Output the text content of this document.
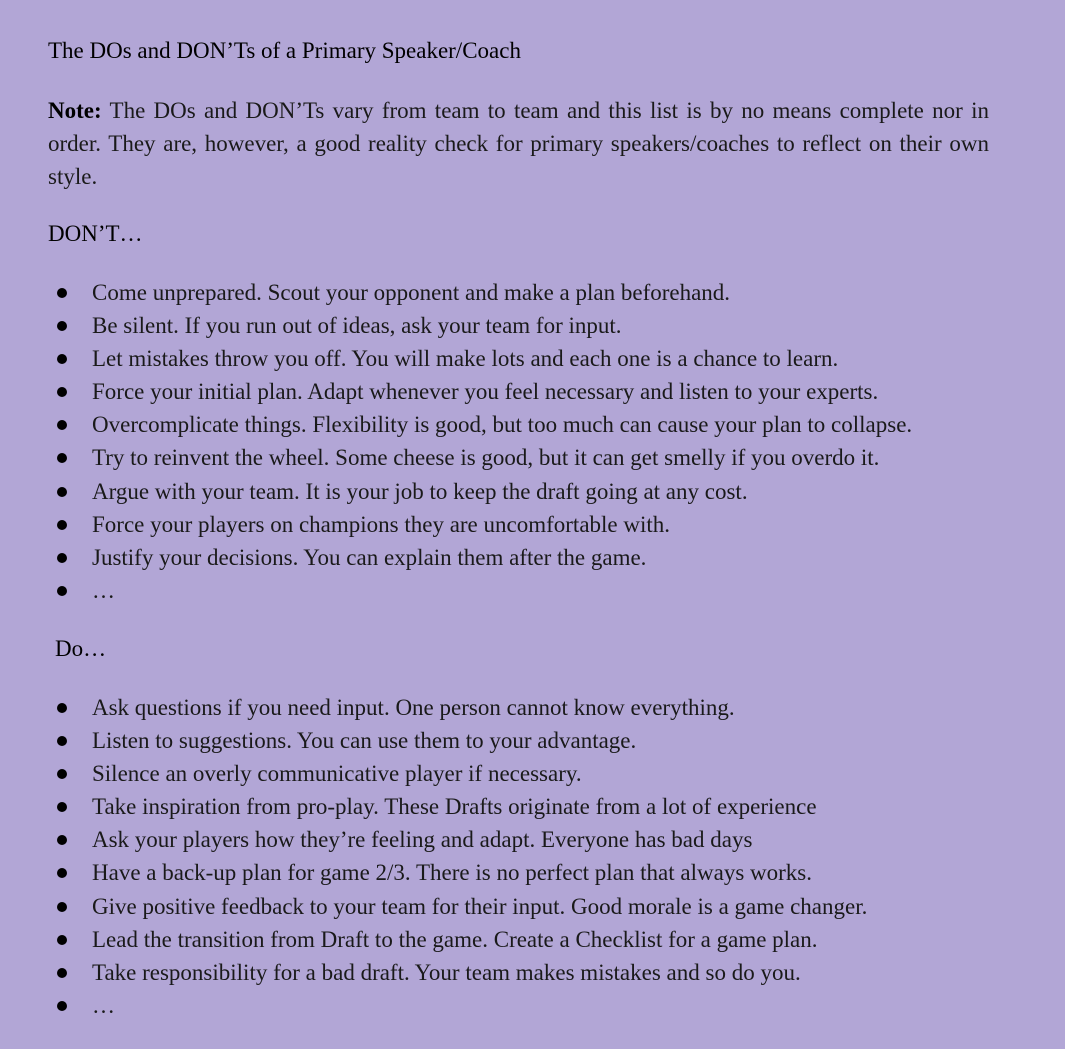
The DOs and DON’Ts of a Primary Speaker/Coach
Note: The DOs and DON’Ts vary from team to team and this list is by no means complete nor in order. They are, however, a good reality check for primary speakers/coaches to reflect on their own style.
DON’T…
Come unprepared. Scout your opponent and make a plan beforehand.
Be silent. If you run out of ideas, ask your team for input.
Let mistakes throw you off. You will make lots and each one is a chance to learn.
Force your initial plan. Adapt whenever you feel necessary and listen to your experts.
Overcomplicate things. Flexibility is good, but too much can cause your plan to collapse.
Try to reinvent the wheel. Some cheese is good, but it can get smelly if you overdo it.
Argue with your team. It is your job to keep the draft going at any cost.
Force your players on champions they are uncomfortable with.
Justify your decisions. You can explain them after the game.
…
Do…
Ask questions if you need input. One person cannot know everything.
Listen to suggestions. You can use them to your advantage.
Silence an overly communicative player if necessary.
Take inspiration from pro-play. These Drafts originate from a lot of experience
Ask your players how they’re feeling and adapt. Everyone has bad days
Have a back-up plan for game 2/3. There is no perfect plan that always works.
Give positive feedback to your team for their input. Good morale is a game changer.
Lead the transition from Draft to the game. Create a Checklist for a game plan.
Take responsibility for a bad draft. Your team makes mistakes and so do you.
…
